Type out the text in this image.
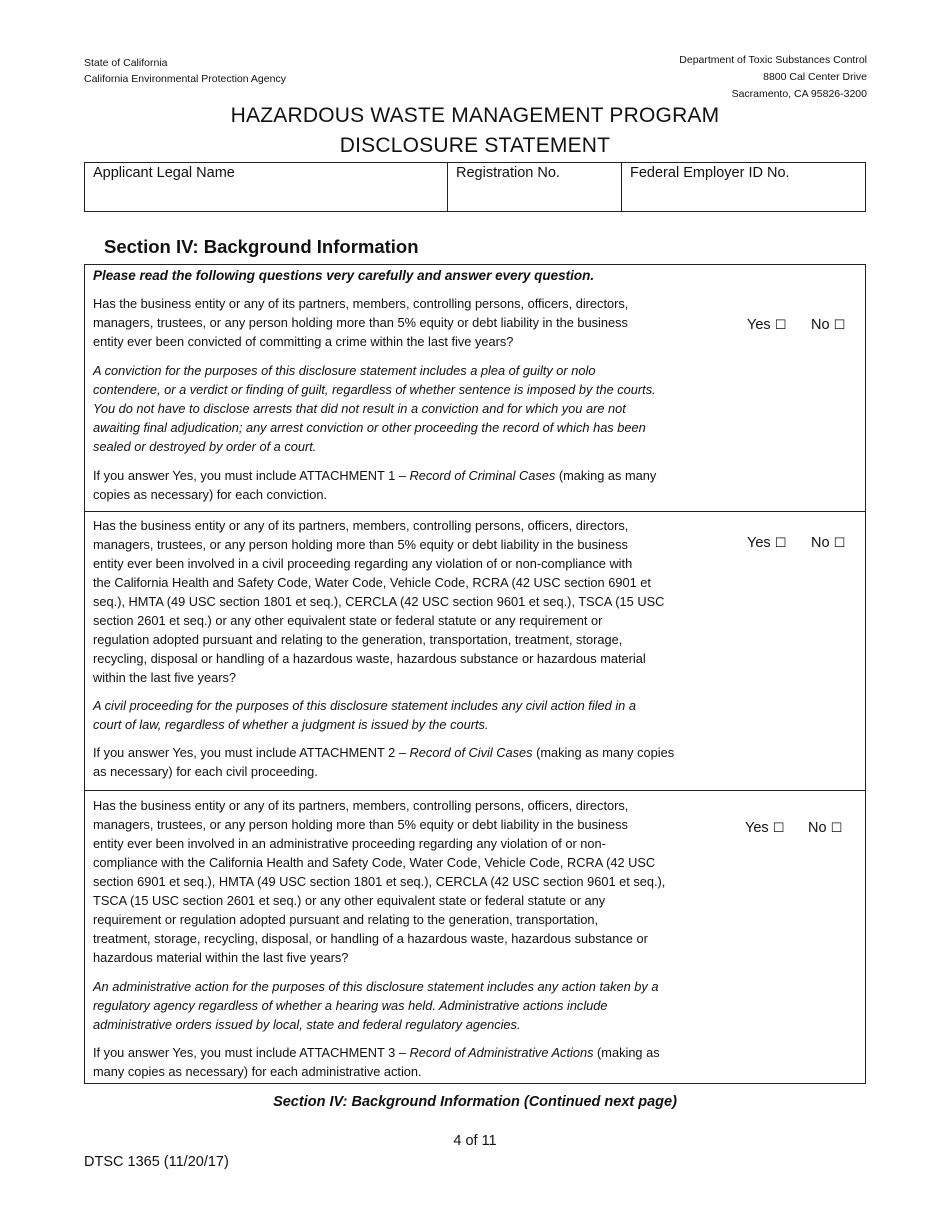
State of California
California Environmental Protection Agency
Department of Toxic Substances Control
8800 Cal Center Drive
Sacramento, CA 95826-3200
HAZARDOUS WASTE MANAGEMENT PROGRAM
DISCLOSURE STATEMENT
Applicant Legal Name	Registration No.	Federal Employer ID No.
Section IV: Background Information
Please read the following questions very carefully and answer every question.
Has the business entity or any of its partners, members, controlling persons, officers, directors,
managers, trustees, or any person holding more than 5% equity or debt liability in the business
entity ever been convicted of committing a crime within the last five years?
A conviction for the purposes of this disclosure statement includes a plea of guilty or nolo
contendere, or a verdict or finding of guilt, regardless of whether sentence is imposed by the courts.
You do not have to disclose arrests that did not result in a conviction and for which you are not
awaiting final adjudication; any arrest conviction or other proceeding the record of which has been
sealed or destroyed by order of a court.
If you answer Yes, you must include ATTACHMENT 1 – Record of Criminal Cases (making as many
copies as necessary) for each conviction.
Yes ☐ No ☐
Has the business entity or any of its partners, members, controlling persons, officers, directors,
managers, trustees, or any person holding more than 5% equity or debt liability in the business
entity ever been involved in a civil proceeding regarding any violation of or non-compliance with
the California Health and Safety Code, Water Code, Vehicle Code, RCRA (42 USC section 6901 et
seq.), HMTA (49 USC section 1801 et seq.), CERCLA (42 USC section 9601 et seq.), TSCA (15 USC
section 2601 et seq.) or any other equivalent state or federal statute or any requirement or
regulation adopted pursuant and relating to the generation, transportation, treatment, storage,
recycling, disposal or handling of a hazardous waste, hazardous substance or hazardous material
within the last five years?
A civil proceeding for the purposes of this disclosure statement includes any civil action filed in a
court of law, regardless of whether a judgment is issued by the courts.
If you answer Yes, you must include ATTACHMENT 2 – Record of Civil Cases (making as many copies
as necessary) for each civil proceeding.
Yes ☐ No ☐
Has the business entity or any of its partners, members, controlling persons, officers, directors,
managers, trustees, or any person holding more than 5% equity or debt liability in the business
entity ever been involved in an administrative proceeding regarding any violation of or non-
compliance with the California Health and Safety Code, Water Code, Vehicle Code, RCRA (42 USC
section 6901 et seq.), HMTA (49 USC section 1801 et seq.), CERCLA (42 USC section 9601 et seq.),
TSCA (15 USC section 2601 et seq.) or any other equivalent state or federal statute or any
requirement or regulation adopted pursuant and relating to the generation, transportation,
treatment, storage, recycling, disposal, or handling of a hazardous waste, hazardous substance or
hazardous material within the last five years?
An administrative action for the purposes of this disclosure statement includes any action taken by a
regulatory agency regardless of whether a hearing was held. Administrative actions include
administrative orders issued by local, state and federal regulatory agencies.
If you answer Yes, you must include ATTACHMENT 3 – Record of Administrative Actions (making as
many copies as necessary) for each administrative action.
Yes ☐ No ☐
Section IV: Background Information (Continued next page)
4 of 11
DTSC 1365 (11/20/17)
